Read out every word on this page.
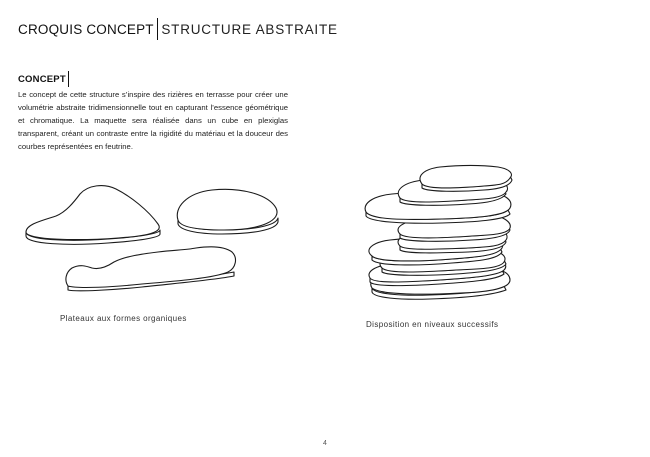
CROQUIS CONCEPT STRUCTURE ABSTRAITE
CONCEPT

Le concept de cette structure s’inspire des rizières en terrasse pour créer une volumétrie abstraite tridimensionnelle tout en capturant l’essence géométrique et chromatique. La maquette sera réalisée dans un cube en plexiglas transparent, créant un contraste entre la rigidité du matériau et la douceur des courbes représentées en feutrine.

Plateaux aux formes organiques
Disposition en niveaux successifs
4
